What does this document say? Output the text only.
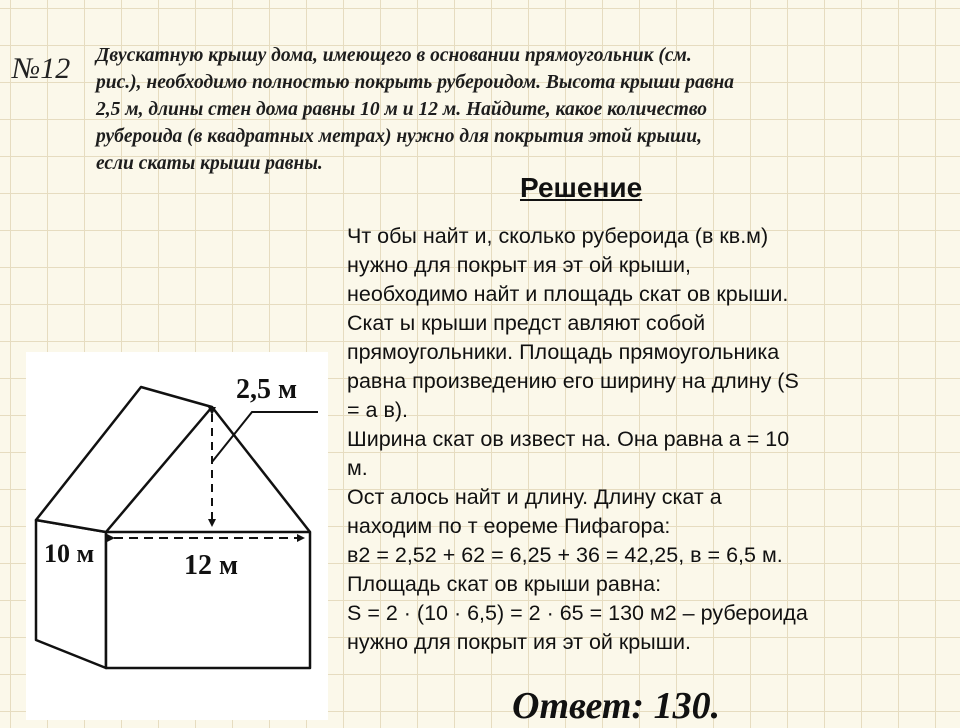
№12 Двускатную крышу дома, имеющего в основании прямоугольник (см.
рис.), необходимо полностью покрыть рубероидом. Высота крыши равна
2,5 м, длины стен дома равны 10 м и 12 м. Найдите, какое количество
рубероида (в квадратных метрах) нужно для покрытия этой крыши,
если скаты крыши равны.
Решение
Чт обы найт и, сколько рубероида (в кв.м)
нужно для покрыт ия эт ой крыши,
необходимо найт и площадь скат ов крыши.
Скат ы крыши предст авляют собой
прямоугольники. Площадь прямоугольника
равна произведению его ширину на длину (S
= а в).
Ширина скат ов извест на. Она равна а = 10
м.
Ост алось найт и длину. Длину скат а
находим по т еореме Пифагора:
в2 = 2,52 + 62 = 6,25 + 36 = 42,25, в = 6,5 м.
Площадь скат ов крыши равна:
S = 2 · (10 · 6,5) = 2 · 65 = 130 м2 – рубероида
нужно для покрыт ия эт ой крыши.
2,5 м
10 м	12 м
Ответ: 130.
